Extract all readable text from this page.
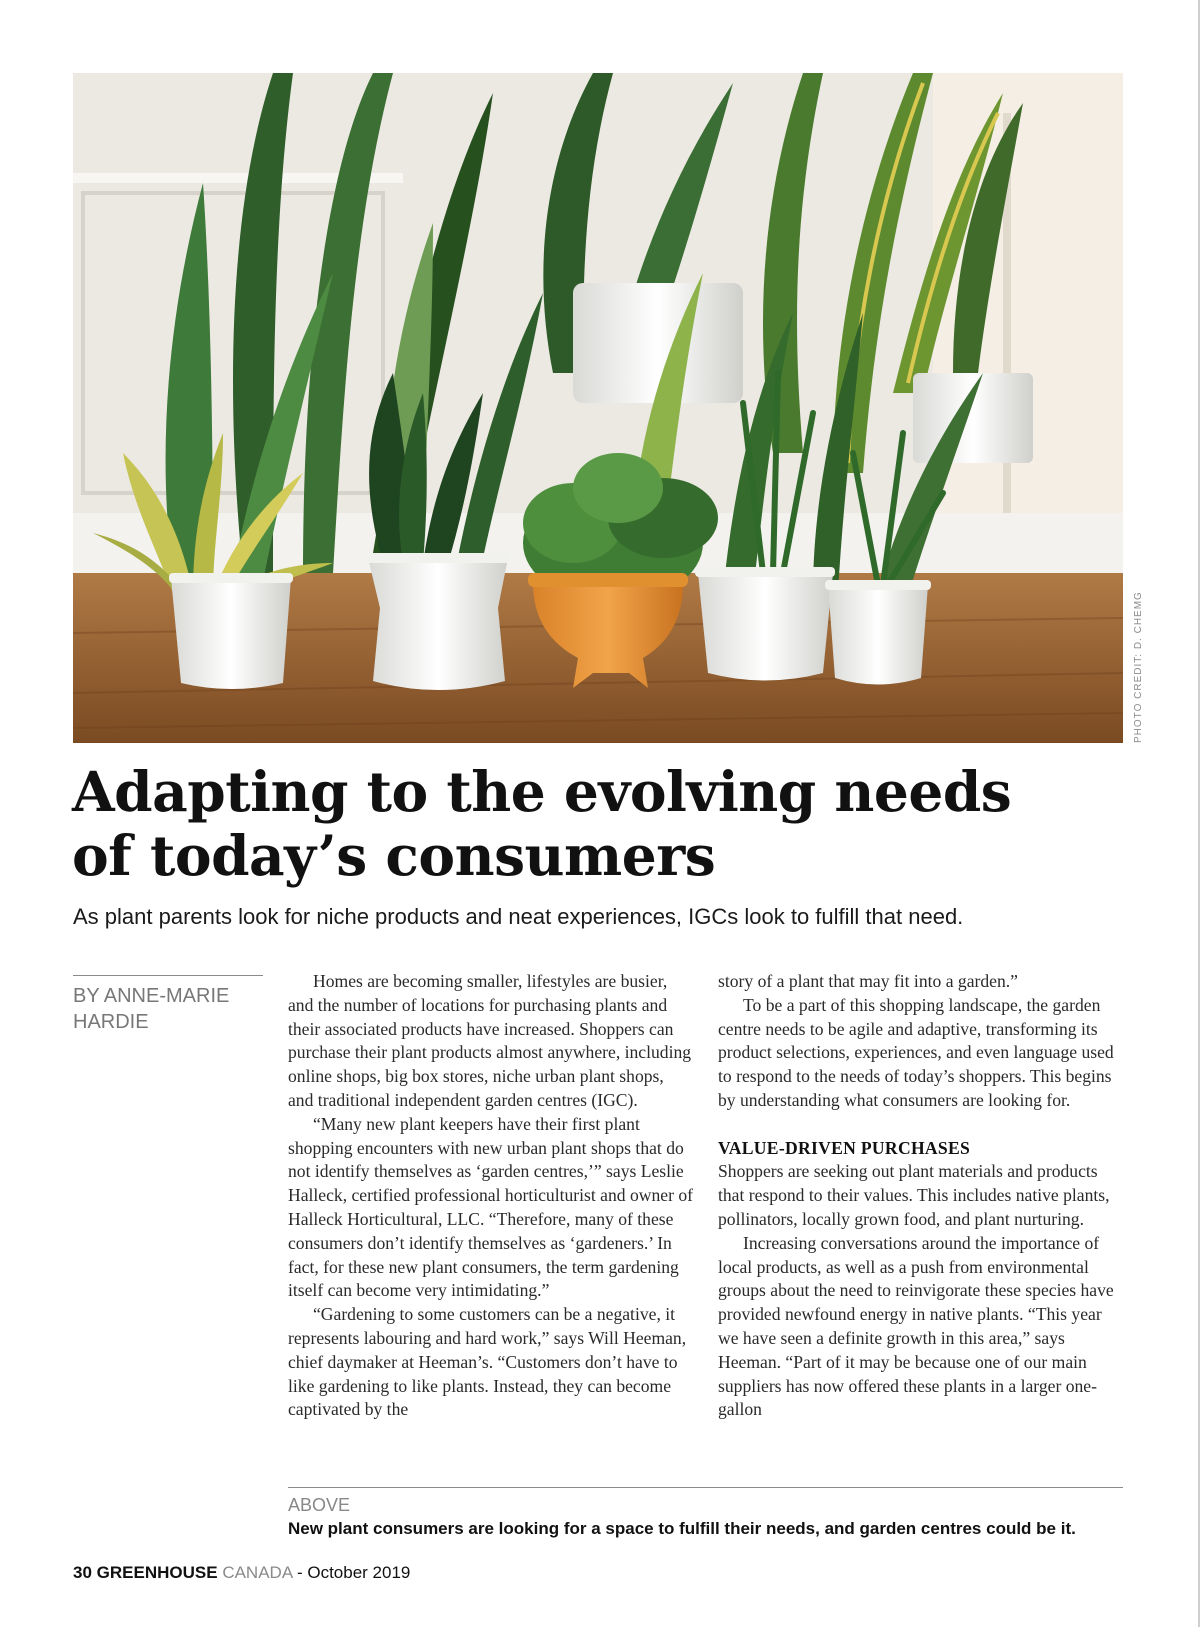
PHOTO CREDIT: D. CHEMG
Adapting to the evolving needs
of today’s consumers

As plant parents look for niche products and neat experiences, IGCs look to fulfill that need.

BY ANNE-MARIE
HARDIE

Homes are becoming smaller, lifestyles are busier, and the number of locations for purchasing plants and their associated products have increased. Shoppers can purchase their plant products almost anywhere, including online shops, big box stores, niche urban plant shops, and traditional independent garden centres (IGC).

“Many new plant keepers have their first plant shopping encounters with new urban plant shops that do not identify themselves as ‘garden centres,’” says Leslie Halleck, certified professional horticulturist and owner of Halleck Horticultural, LLC. “Therefore, many of these consumers don’t identify themselves as ‘gardeners.’ In fact, for these new plant consumers, the term gardening itself can become very intimidating.”

“Gardening to some customers can be a negative, it represents labouring and hard work,” says Will Heeman, chief daymaker at Heeman’s. “Customers don’t have to like gardening to like plants. Instead, they can become captivated by the

story of a plant that may fit into a garden.”

To be a part of this shopping landscape, the garden centre needs to be agile and adaptive, transforming its product selections, experiences, and even language used to respond to the needs of today’s shoppers. This begins by understanding what consumers are looking for.

VALUE-DRIVEN PURCHASES

Shoppers are seeking out plant materials and products that respond to their values. This includes native plants, pollinators, locally grown food, and plant nurturing.

Increasing conversations around the importance of local products, as well as a push from environmental groups about the need to reinvigorate these species have provided newfound energy in native plants. “This year we have seen a definite growth in this area,” says Heeman. “Part of it may be because one of our main suppliers has now offered these plants in a larger one-gallon

ABOVE
New plant consumers are looking for a space to fulfill their needs, and garden centres could be it.
30 GREENHOUSE CANADA - October 2019
